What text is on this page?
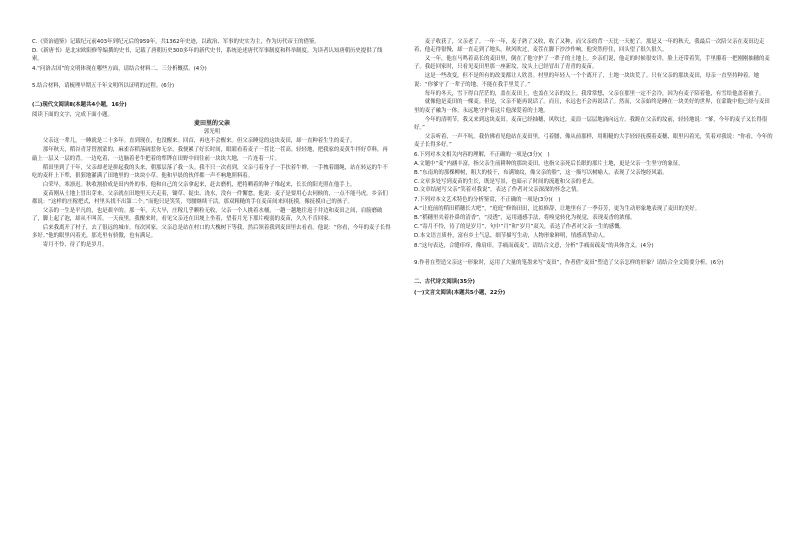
C.《资治通鉴》记载纪元前403年到纪元后的959年，共1362年史迹，以政治、军事的史实为主，作为历代帝王的借鉴。

D.《新唐书》是北宋欧阳修等编撰的史书，记载了唐朝历史300多年的新代史书，系统论述唐代军事制度和科举制度。为读者认知唐朝历史提供了线索。

4.“问洛古国”的文明体现在哪些方面，请结合材料二、三分析概括。(4分)

5.结合材料，请梳理早期五千年文明所以证明的过程。(6分)

(二)现代文阅读Ⅱ(本题共4小题，16分)

阅读下面的文字，完成下面小题。

麦田里的父亲

郭光明

父亲这一辈儿，一睡就是二十多年。直到现在，也没醒来。回首，再也不会醒来。但父亲睡觉的这块麦田，却一直种着生生的麦子。

那年秋天，稻谷青芽替割蒙的，麻雀吞稻落阔惹你无奈，我便累了好长时间，眼睛看着麦子一茬比一茬高。轻轻地，把我家的麦黄牛拌好草料，再敲上一层又一层的背。一边吃着，一边脑着老牛把着的犁铧在田野中间往前一块块大地，一片连着一片。

稻田里到了干年，父亲却老是拼起我的头来，朝那层落了我一头。我不只一次看到，父亲弓着身子一手扶着牛辫，一手拽着缰绳，站在转运的牛不吃的麦秆上下犁，狠狠地灌满了田地里的一块块小草。他和早晨的伙伴都一声不响地照料着。

白荣早，寒凛迟。秋收割拾成是田内外的事，他和自己的父亲拿起来，赶去磨机，把将晒着的种子堆起来，长长的阳光照在他手上。

麦苗刚从土地上冒出芽来，父亲就在田地里天天走着，锄草、捉虫、浇水，没有一件懈怠。他说：麦子是要用心去伺候的，一点不能马虎。乡亲们都说：“这样的庄稼把式，村里头找不出第二个。”而他只是笑笑，弯腰继续干活，那双粗糙的手在麦苗间来回抚摸，像抚摸自己的孩子。

父亲的一生是平凡的，也是艰辛的。那一年，天大旱，庄稼几乎颗粒无收，父亲一个人挑着水桶，一趟一趟地往返于井边和麦田之间，肩膀磨破了，脚上起了泡，却从不叫苦。一天夜里，我醒来时，看见父亲还在田埂上坐着，望着月光下那片瘦弱的麦苗，久久不肯回家。

后来我离开了村子，去了很远的城市。每次回家，父亲总是站在村口的大槐树下等我，然后领着我到麦田里去看看。他说：“你看，今年的麦子长得多好。”他的眼里闪着光，那光里有骄傲，也有满足。

寄月不怜，待了的是岁月。

麦子收获了，父亲老了。一年一年，麦子熟了又收，收了又种，而父亲的背一天比一天驼了。那是又一年的秋天，我最后一次陪父亲在麦田边走着，他走得很慢，却一直走到了地头。秋风吹过，麦茬在脚下沙沙作响，他突然停住，回头望了很久很久。

又一年，他在马鸣着高长的麦田里，倒在了他守护了一辈子的土地上。乡亲们说，他走的时候很安详，脸上还带着笑，手里攥着一把刚刚抽穗的麦子。我赶回家时，只看见麦田里那一座新坟，坟头上已经冒出了青青的麦苗。

这是一些改变，但不是所有的改变都让人欣喜。村里的年轻人一个个离开了，土地一块块荒了。只有父亲的那块麦田，母亲一直坚持种着。她说：“你爹守了一辈子的地，不能在我手里荒了。”

每年的冬天，雪下得白茫茫的，盖在麦田上，也盖在父亲的坟上。我常常想，父亲在那里一定不会冷，因为有麦子陪着他，有雪给他盖着被子。

就像他是麦田的一棵麦。但是，父亲不能再说话了。而且，永远也不会再说话了。然而，父亲始终是睡在一块美好的世界，在蒙眬中他已经与麦田里的麦子融为一体，永远地守护着这片他深爱着的土地。

今年的清明节，我又来到这块麦田。麦苗已经抽穗，风吹过，麦浪一层层地涌向远方。我跪在父亲的坟前，轻轻地说：“爹，今年的麦子又长得很好。”

父亲听着，一声不吭。我仿佛看见他站在麦田里，弓着腰，像从前那样，用粗糙的大手轻轻抚摸着麦穗，眼里闪着光，笑着对我说：“你看，今年的麦子长得多好。”

6.下列对本文相关内容的理解，不正确的一项是(3分)(　)

A.文题中“麦”内涵丰富，指父亲生前耕种的那块麦田，也指父亲死后长眠的那片土地，更是父亲一生坚守的象征。

B.“东南角的那棵柳树，粗大的枝干，布满皱纹，像父亲的脸”，这一描写以树喻人，表现了父亲饱经风霜。

C.文章多处写到麦苗的生长，既是写景，也暗示了时间的流逝和父亲的老去。

D.文章结尾写父亲“笑着对我说”，表达了作者对父亲深深的怀念之情。

7.下列对本文艺术特色的分析鉴赏，不正确的一项是(3分)(　)

A.“让庭前的稻田稻穗长大吧”，“庭庭”修饰田田，比拟修辞，让地里有了一季芬芳，更为生动形象地表现了麦田的美好。

B.“稻穗里夹着扑鼻的清香”，“浸透”，运用通感手法，将嗅觉转化为视觉，表现麦香的浓郁。

C.“寄月不怜，待了的是岁月”，句中“月”和“岁月”双关，表达了作者对父亲一生的感慨。

D.本文语言质朴，富有乡土气息，细节描写生动，人物形象鲜明，情感真挚动人。

8.“这句表达，合缝痒痒，像肩痒，手痛而疏麦”，请结合文意，分析“手痛而疏麦”的具体含义。(4分)

9.作者在塑造父亲这一形象时，运用了大量的笔墨来写“麦田”，作者借“麦田”塑造了父亲怎样的形象？请结合全文简要分析。(6分)

二、古代诗文阅读(35分)

(一)文言文阅读(本题共5小题，22分)
